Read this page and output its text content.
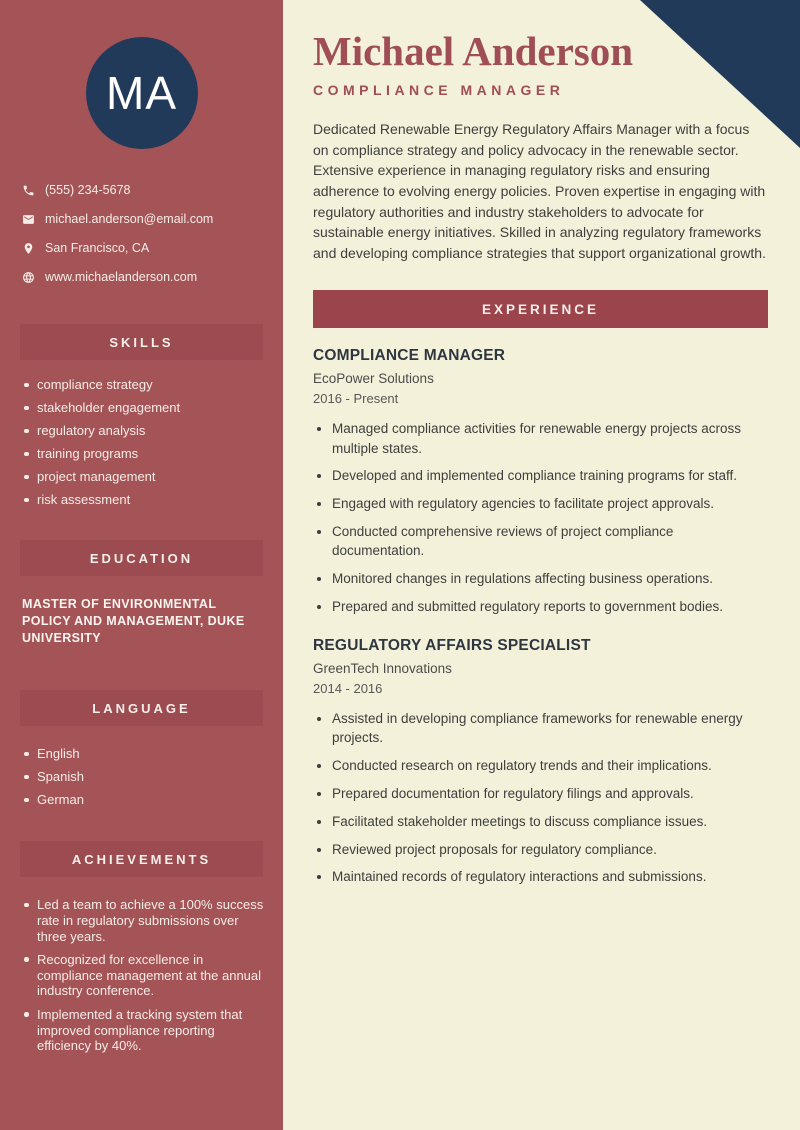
MA
(555) 234-5678
michael.anderson@email.com
San Francisco, CA
www.michaelanderson.com
SKILLS
compliance strategy
stakeholder engagement
regulatory analysis
training programs
project management
risk assessment
EDUCATION
MASTER OF ENVIRONMENTAL POLICY AND MANAGEMENT, DUKE UNIVERSITY
LANGUAGE
English
Spanish
German
ACHIEVEMENTS
Led a team to achieve a 100% success rate in regulatory submissions over three years.
Recognized for excellence in compliance management at the annual industry conference.
Implemented a tracking system that improved compliance reporting efficiency by 40%.
Michael Anderson
COMPLIANCE MANAGER

Dedicated Renewable Energy Regulatory Affairs Manager with a focus on compliance strategy and policy advocacy in the renewable sector. Extensive experience in managing regulatory risks and ensuring adherence to evolving energy policies. Proven expertise in engaging with regulatory authorities and industry stakeholders to advocate for sustainable energy initiatives. Skilled in analyzing regulatory frameworks and developing compliance strategies that support organizational growth.

EXPERIENCE
COMPLIANCE MANAGER
EcoPower Solutions
2016 - Present
• Managed compliance activities for renewable energy projects across multiple states.
• Developed and implemented compliance training programs for staff.
• Engaged with regulatory agencies to facilitate project approvals.
• Conducted comprehensive reviews of project compliance documentation.
• Monitored changes in regulations affecting business operations.
• Prepared and submitted regulatory reports to government bodies.
REGULATORY AFFAIRS SPECIALIST
GreenTech Innovations
2014 - 2016
• Assisted in developing compliance frameworks for renewable energy projects.
• Conducted research on regulatory trends and their implications.
• Prepared documentation for regulatory filings and approvals.
• Facilitated stakeholder meetings to discuss compliance issues.
• Reviewed project proposals for regulatory compliance.
• Maintained records of regulatory interactions and submissions.
